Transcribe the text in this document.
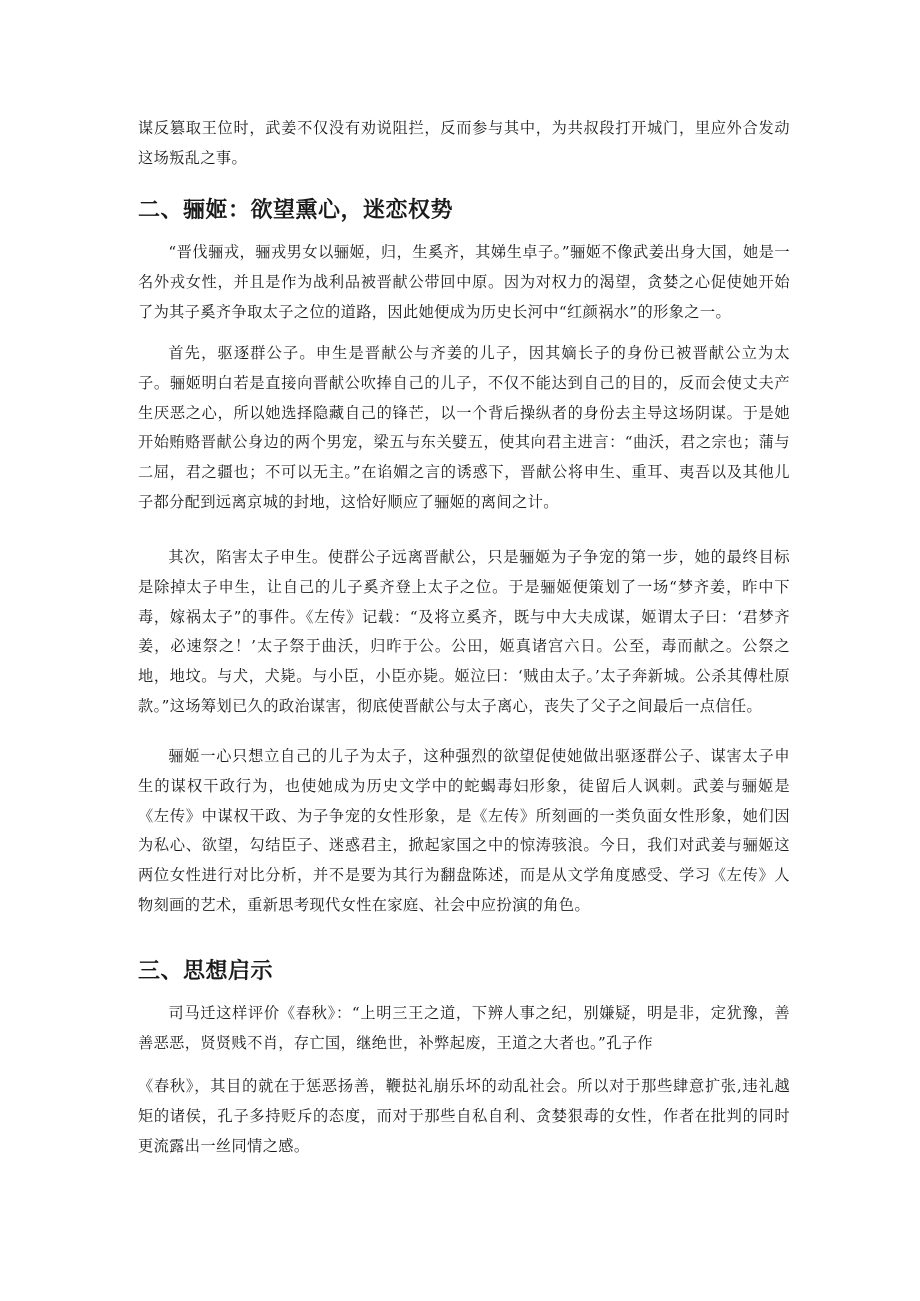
谋反篡取王位时，武姜不仅没有劝说阻拦，反而参与其中，为共叔段打开城门，里应外合发动这场叛乱之事。

二、骊姬：欲望熏心，迷恋权势

“晋伐骊戎，骊戎男女以骊姬，归，生奚齐，其娣生卓子。”骊姬不像武姜出身大国，她是一名外戎女性，并且是作为战利品被晋献公带回中原。因为对权力的渴望，贪婪之心促使她开始了为其子奚齐争取太子之位的道路，因此她便成为历史长河中“红颜祸水”的形象之一。

首先，驱逐群公子。申生是晋献公与齐姜的儿子，因其嫡长子的身份已被晋献公立为太子。骊姬明白若是直接向晋献公吹捧自己的儿子，不仅不能达到自己的目的，反而会使丈夫产生厌恶之心，所以她选择隐藏自己的锋芒，以一个背后操纵者的身份去主导这场阴谋。于是她开始贿赂晋献公身边的两个男宠，梁五与东关嬖五，使其向君主进言：“曲沃，君之宗也；蒲与二屈，君之疆也；不可以无主。”在谄媚之言的诱惑下，晋献公将申生、重耳、夷吾以及其他儿子都分配到远离京城的封地，这恰好顺应了骊姬的离间之计。

其次，陷害太子申生。使群公子远离晋献公，只是骊姬为子争宠的第一步，她的最终目标是除掉太子申生，让自己的儿子奚齐登上太子之位。于是骊姬便策划了一场“梦齐姜，昨中下毒，嫁祸太子”的事件。《左传》记载：“及将立奚齐，既与中大夫成谋，姬谓太子曰：‘君梦齐姜，必速祭之！’太子祭于曲沃，归昨于公。公田，姬真诸宫六日。公至，毒而献之。公祭之地，地坟。与犬，犬毙。与小臣，小臣亦毙。姬泣曰：‘贼由太子。’太子奔新城。公杀其傅杜原款。”这场筹划已久的政治谋害，彻底使晋献公与太子离心，丧失了父子之间最后一点信任。

骊姬一心只想立自己的儿子为太子，这种强烈的欲望促使她做出驱逐群公子、谋害太子申生的谋权干政行为，也使她成为历史文学中的蛇蝎毒妇形象，徒留后人讽刺。武姜与骊姬是《左传》中谋权干政、为子争宠的女性形象，是《左传》所刻画的一类负面女性形象，她们因为私心、欲望，勾结臣子、迷惑君主，掀起家国之中的惊涛骇浪。今日，我们对武姜与骊姬这两位女性进行对比分析，并不是要为其行为翻盘陈述，而是从文学角度感受、学习《左传》人物刻画的艺术，重新思考现代女性在家庭、社会中应扮演的角色。

三、思想启示

司马迁这样评价《春秋》：“上明三王之道，下辨人事之纪，别嫌疑，明是非，定犹豫，善善恶恶，贤贤贱不肖，存亡国，继绝世，补弊起废，王道之大者也。”孔子作

《春秋》，其目的就在于惩恶扬善，鞭挞礼崩乐坏的动乱社会。所以对于那些肆意扩张,违礼越矩的诸侯，孔子多持贬斥的态度，而对于那些自私自利、贪婪狠毒的女性，作者在批判的同时更流露出一丝同情之感。
